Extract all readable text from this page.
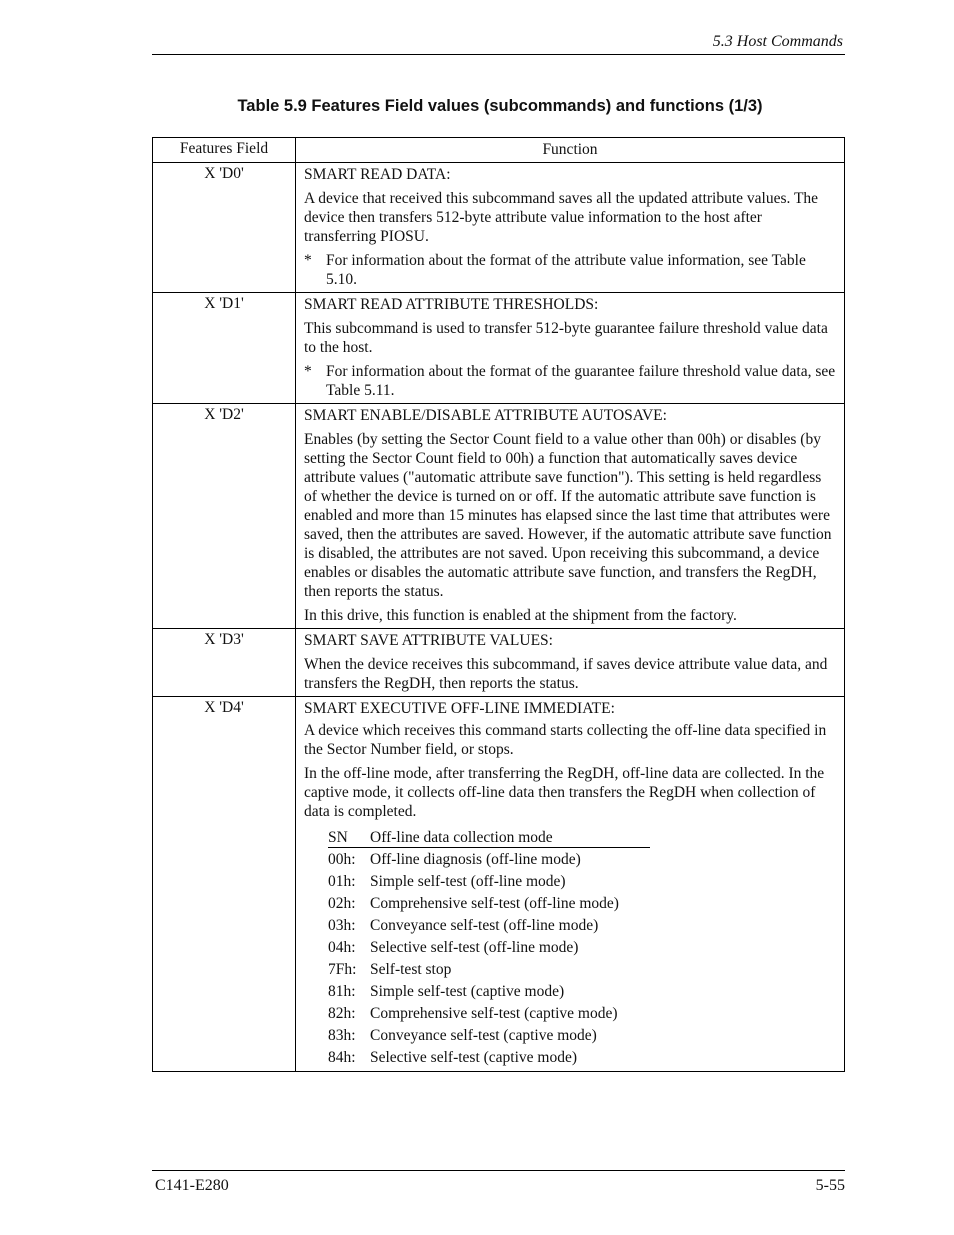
5.3 Host Commands
Table 5.9 Features Field values (subcommands) and functions (1/3)
Features Field	Function
X 'D0'	SMART READ DATA:

A device that received this subcommand saves all the updated attribute values. The device then transfers 512-byte attribute value information to the host after transferring PIOSU.

* For information about the format of the attribute value information, see Table 5.10.
X 'D1'	SMART READ ATTRIBUTE THRESHOLDS:

This subcommand is used to transfer 512-byte guarantee failure threshold value data to the host.

* For information about the format of the guarantee failure threshold value data, see Table 5.11.
X 'D2'	SMART ENABLE/DISABLE ATTRIBUTE AUTOSAVE:

Enables (by setting the Sector Count field to a value other than 00h) or disables (by setting the Sector Count field to 00h) a function that automatically saves device attribute values ("automatic attribute save function"). This setting is held regardless of whether the device is turned on or off. If the automatic attribute save function is enabled and more than 15 minutes has elapsed since the last time that attributes were saved, then the attributes are saved. However, if the automatic attribute save function is disabled, the attributes are not saved. Upon receiving this subcommand, a device enables or disables the automatic attribute save function, and transfers the RegDH, then reports the status.

In this drive, this function is enabled at the shipment from the factory.

X 'D3'	SMART SAVE ATTRIBUTE VALUES:

When the device receives this subcommand, if saves device attribute value data, and transfers the RegDH, then reports the status.

X 'D4'	SMART EXECUTIVE OFF-LINE IMMEDIATE:

A device which receives this command starts collecting the off-line data specified in the Sector Number field, or stops.

In the off-line mode, after transferring the RegDH, off-line data are collected. In the captive mode, it collects off-line data then transfers the RegDH when collection of data is completed.

SN	Off-line data collection mode
00h: Off-line diagnosis (off-line mode)
01h: Simple self-test (off-line mode)
02h: Comprehensive self-test (off-line mode)
03h: Conveyance self-test (off-line mode)
04h: Selective self-test (off-line mode)
7Fh: Self-test stop
81h: Simple self-test (captive mode)
82h: Comprehensive self-test (captive mode)
83h: Conveyance self-test (captive mode)
84h: Selective self-test (captive mode)
C141-E280	5-55
